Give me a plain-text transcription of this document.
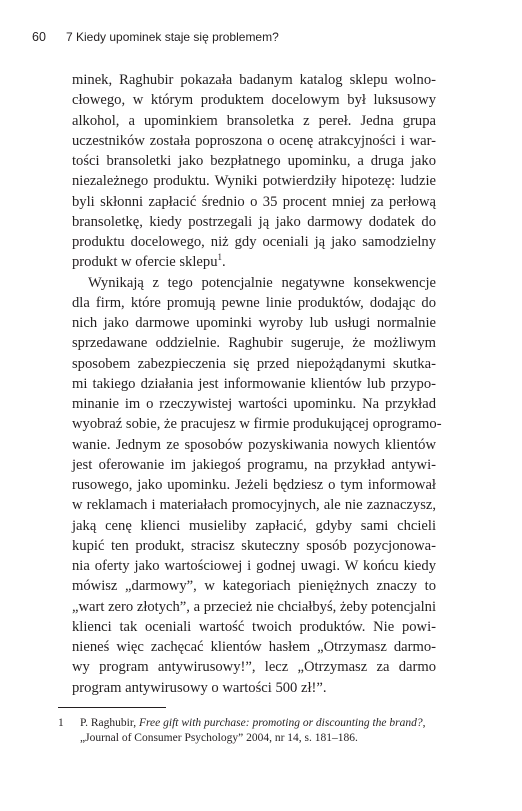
60 7 Kiedy upominek staje się problemem?
minek, Raghubir pokazała badanym katalog sklepu wolno-
cłowego, w którym produktem docelowym był luksusowy
alkohol, a upominkiem bransoletka z pereł. Jedna grupa
uczestników została poproszona o ocenę atrakcyjności i war-
tości bransoletki jako bezpłatnego upominku, a druga jako
niezależnego produktu. Wyniki potwierdziły hipotezę: ludzie
byli skłonni zapłacić średnio o 35 procent mniej za perłową
bransoletkę, kiedy postrzegali ją jako darmowy dodatek do
produktu docelowego, niż gdy oceniali ją jako samodzielny
produkt w ofercie sklepu$^1$.
Wynikają z tego potencjalnie negatywne konsekwencje
dla firm, które promują pewne linie produktów, dodając do
nich jako darmowe upominki wyroby lub usługi normalnie
sprzedawane oddzielnie. Raghubir sugeruje, że możliwym
sposobem zabezpieczenia się przed niepożądanymi skutka-
mi takiego działania jest informowanie klientów lub przypo-
minanie im o rzeczywistej wartości upominku. Na przykład
wyobraź sobie, że pracujesz w firmie produkującej oprogramo-
wanie. Jednym ze sposobów pozyskiwania nowych klientów
jest oferowanie im jakiegoś programu, na przykład antywi-
rusowego, jako upominku. Jeżeli będziesz o tym informował
w reklamach i materiałach promocyjnych, ale nie zaznaczysz,
jaką cenę klienci musieliby zapłacić, gdyby sami chcieli
kupić ten produkt, stracisz skuteczny sposób pozycjonowa-
nia oferty jako wartościowej i godnej uwagi. W końcu kiedy
mówisz „darmowy”, w kategoriach pieniężnych znaczy to
„wart zero złotych”, a przecież nie chciałbyś, żeby potencjalni
klienci tak oceniali wartość twoich produktów. Nie powi-
nieneś więc zachęcać klientów hasłem „Otrzymasz darmo-
wy program antywirusowy!”, lecz „Otrzymasz za darmo
program antywirusowy o wartości 500 zł!”.
1 P. Raghubir, Free gift with purchase: promoting or discounting the brand?,
„Journal of Consumer Psychology” 2004, nr 14, s. 181–186.
